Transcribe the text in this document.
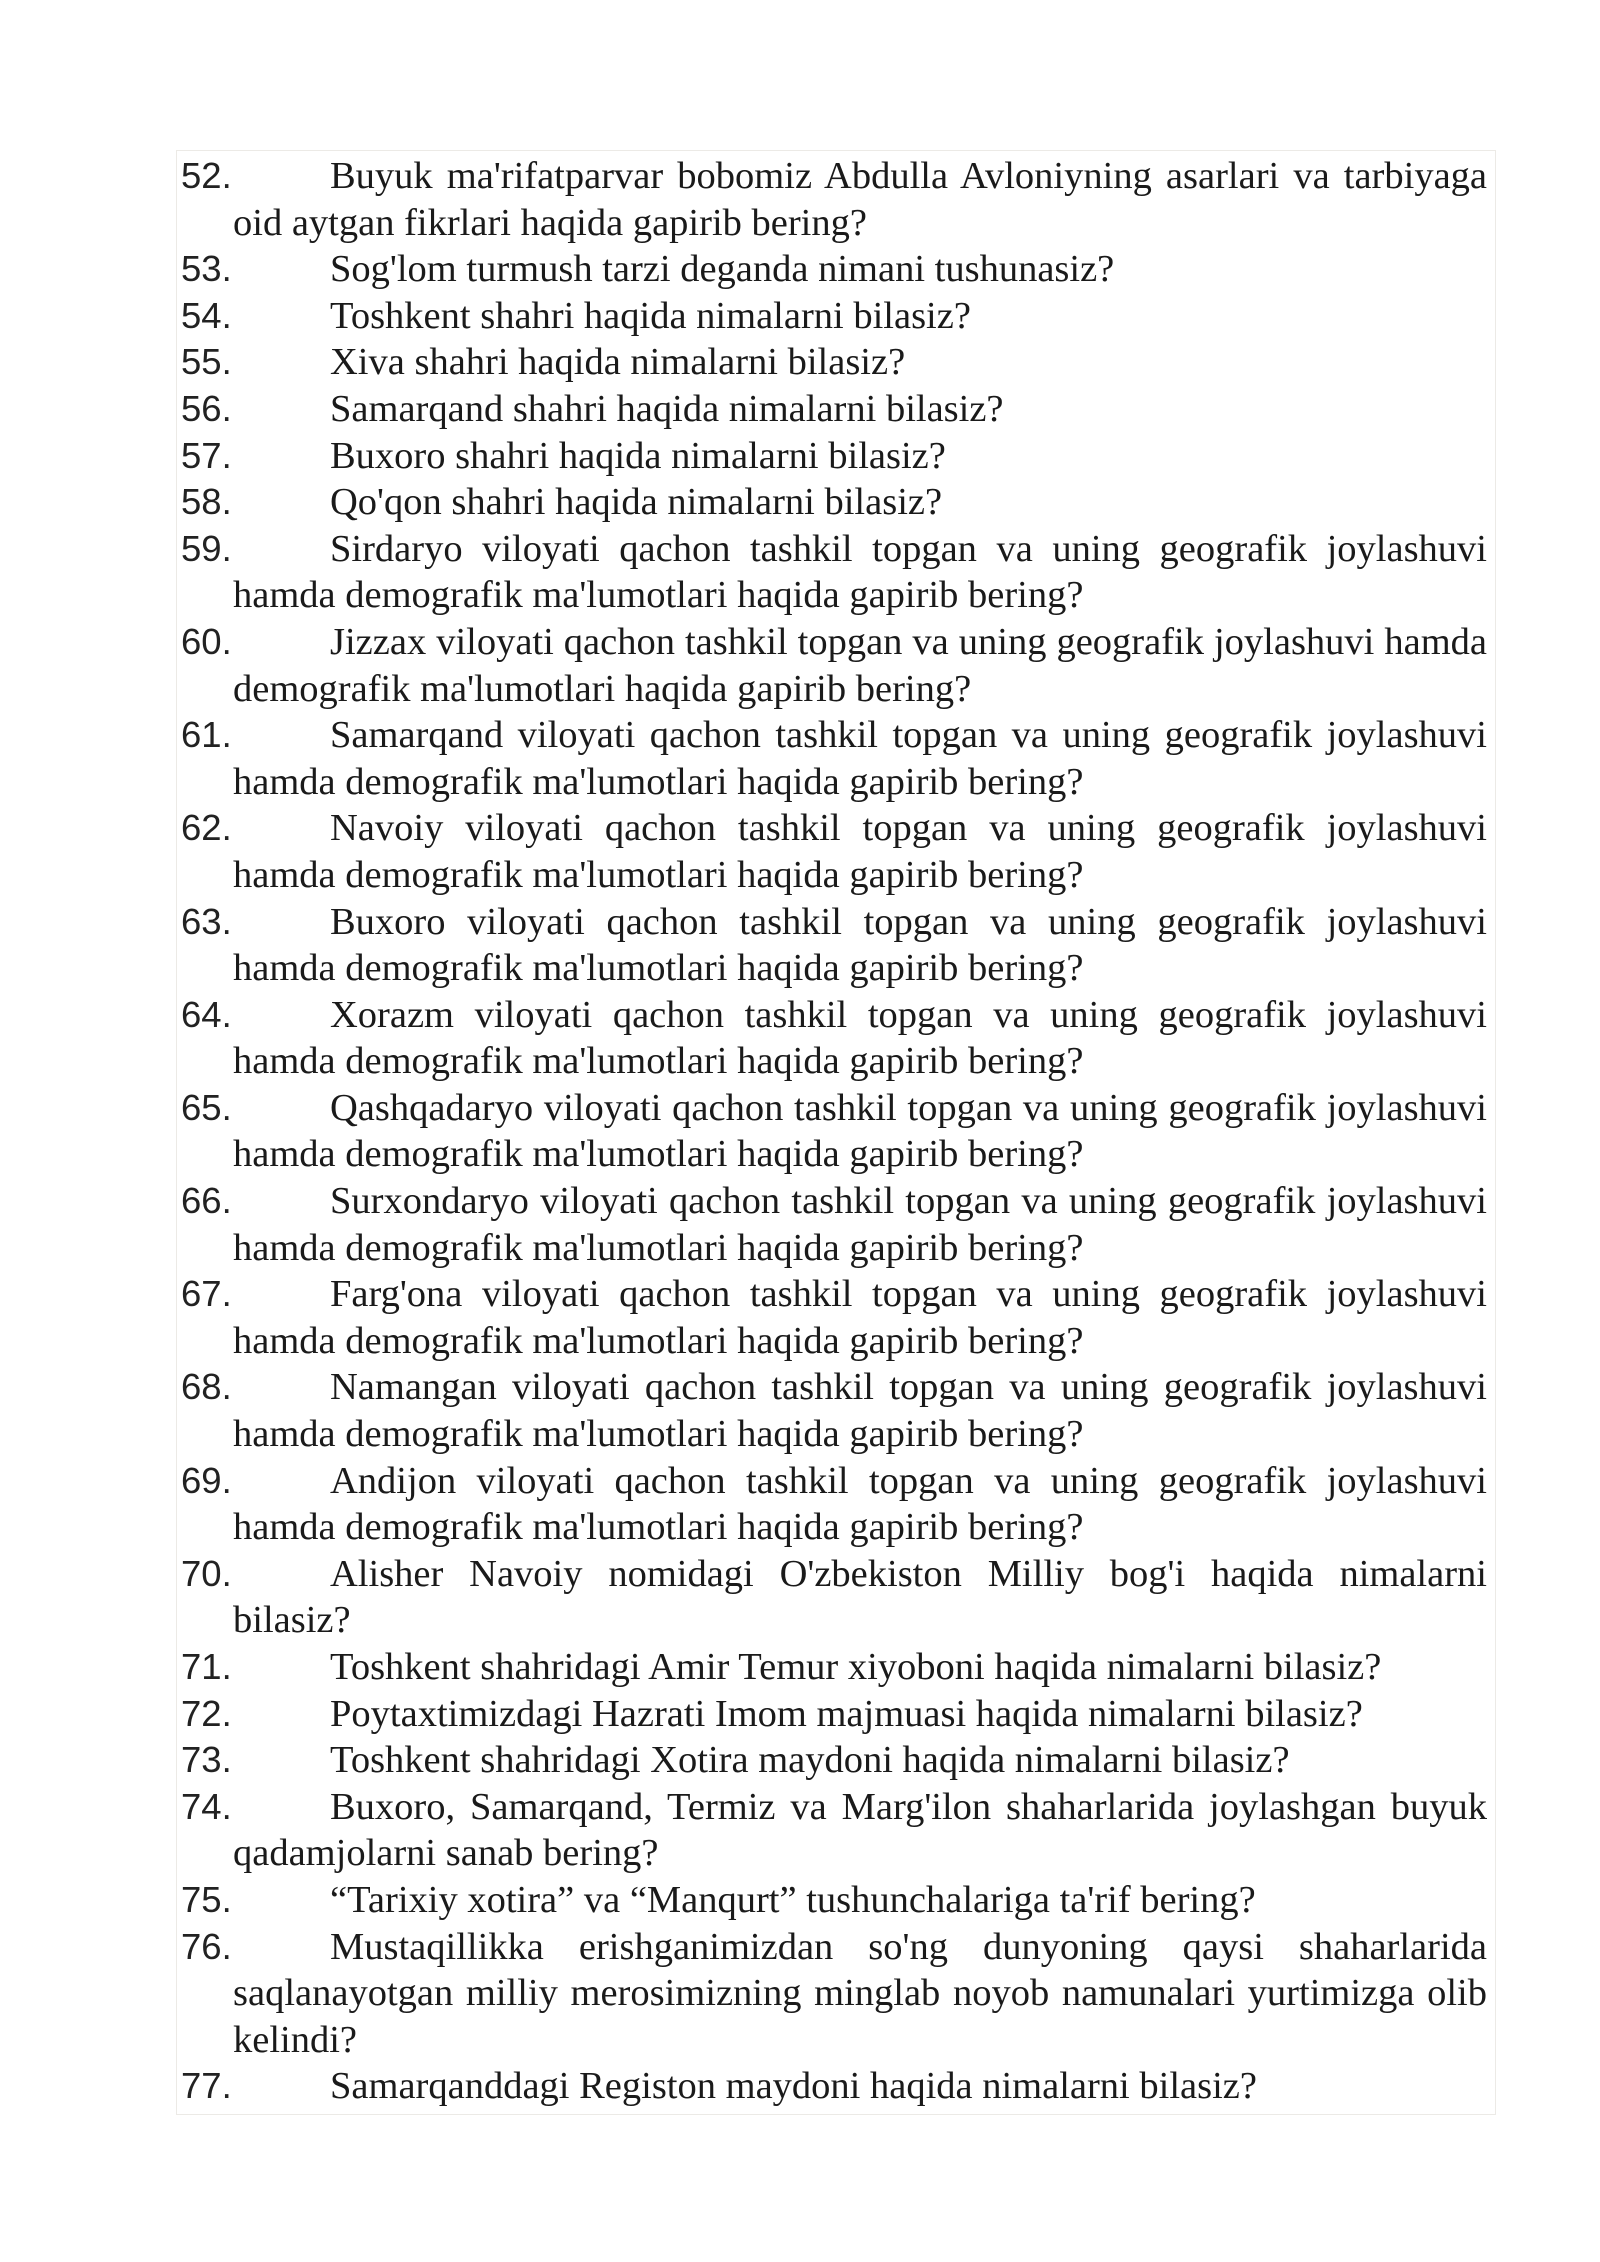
52.	Buyuk ma'rifatparvar bobomiz Abdulla Avloniyning asarlari va tarbiyaga oid aytgan fikrlari haqida gapirib bering?
53.	Sog'lom turmush tarzi deganda nimani tushunasiz?
54.	Toshkent shahri haqida nimalarni bilasiz?
55.	Xiva shahri haqida nimalarni bilasiz?
56.	Samarqand shahri haqida nimalarni bilasiz?
57.	Buxoro shahri haqida nimalarni bilasiz?
58.	Qo'qon shahri haqida nimalarni bilasiz?
59.	Sirdaryo viloyati qachon tashkil topgan va uning geografik joylashuvi hamda demografik ma'lumotlari haqida gapirib bering?
60.	Jizzax viloyati qachon tashkil topgan va uning geografik joylashuvi hamda demografik ma'lumotlari haqida gapirib bering?
61.	Samarqand viloyati qachon tashkil topgan va uning geografik joylashuvi hamda demografik ma'lumotlari haqida gapirib bering?
62.	Navoiy viloyati qachon tashkil topgan va uning geografik joylashuvi hamda demografik ma'lumotlari haqida gapirib bering?
63.	Buxoro viloyati qachon tashkil topgan va uning geografik joylashuvi hamda demografik ma'lumotlari haqida gapirib bering?
64.	Xorazm viloyati qachon tashkil topgan va uning geografik joylashuvi hamda demografik ma'lumotlari haqida gapirib bering?
65.	Qashqadaryo viloyati qachon tashkil topgan va uning geografik joylashuvi hamda demografik ma'lumotlari haqida gapirib bering?
66.	Surxondaryo viloyati qachon tashkil topgan va uning geografik joylashuvi hamda demografik ma'lumotlari haqida gapirib bering?
67.	Farg'ona viloyati qachon tashkil topgan va uning geografik joylashuvi hamda demografik ma'lumotlari haqida gapirib bering?
68.	Namangan viloyati qachon tashkil topgan va uning geografik joylashuvi hamda demografik ma'lumotlari haqida gapirib bering?
69.	Andijon viloyati qachon tashkil topgan va uning geografik joylashuvi hamda demografik ma'lumotlari haqida gapirib bering?
70.	Alisher Navoiy nomidagi O'zbekiston Milliy bog'i haqida nimalarni bilasiz?
71.	Toshkent shahridagi Amir Temur xiyoboni haqida nimalarni bilasiz?
72.	Poytaxtimizdagi Hazrati Imom majmuasi haqida nimalarni bilasiz?
73.	Toshkent shahridagi Xotira maydoni haqida nimalarni bilasiz?
74.	Buxoro, Samarqand, Termiz va Marg'ilon shaharlarida joylashgan buyuk qadamjolarni sanab bering?
75.	“Tarixiy xotira” va “Manqurt” tushunchalariga ta'rif bering?
76.	Mustaqillikka erishganimizdan so'ng dunyoning qaysi shaharlarida saqlanayotgan milliy merosimizning minglab noyob namunalari yurtimizga olib kelindi?
77.	Samarqanddagi Registon maydoni haqida nimalarni bilasiz?
